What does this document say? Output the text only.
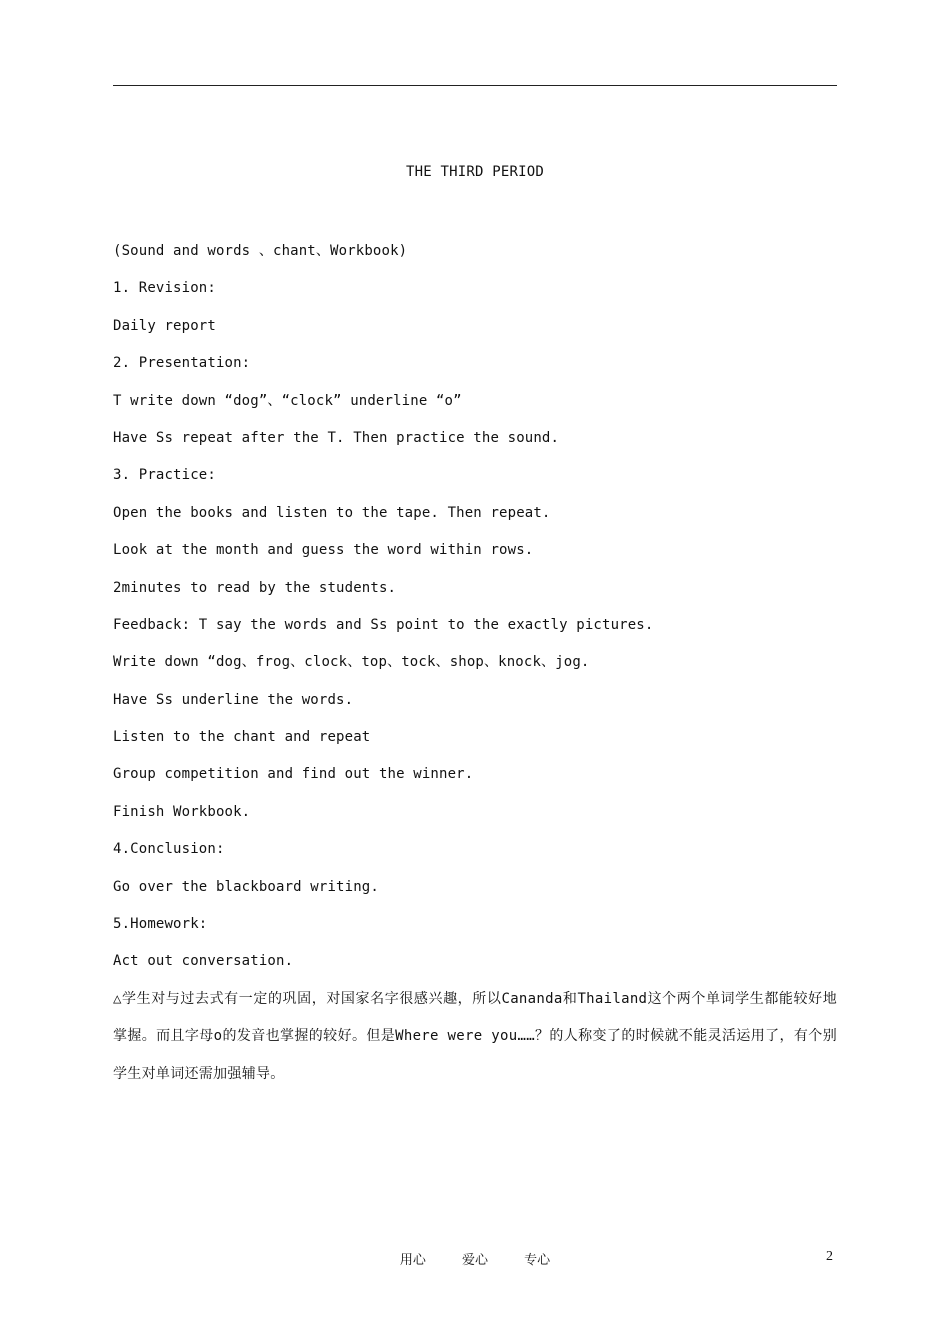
THE THIRD PERIOD
(Sound and words 、chant、Workbook)
1. Revision:
Daily report
2. Presentation:
T write down “dog”、“clock” underline “o”
Have Ss repeat after the T. Then practice the sound.
3. Practice:
Open the books and listen to the tape. Then repeat.
Look at the month and guess the word within rows.
2minutes to read by the students.
Feedback: T say the words and Ss point to the exactly pictures.
Write down “dog、frog、clock、top、tock、shop、knock、jog.
Have Ss underline the words.
Listen to the chant and repeat
Group competition and find out the winner.
Finish Workbook.
4.Conclusion:
Go over the blackboard writing.
5.Homework:
Act out conversation.
△学生对与过去式有一定的巩固，对国家名字很感兴趣，所以Cananda和Thailand这个两个单词学生都能较好地掌握。而且字母o的发音也掌握的较好。但是Where were you……？的人称变了的时候就不能灵活运用了，有个别学生对单词还需加强辅导。
用心	爱心	专心	2
